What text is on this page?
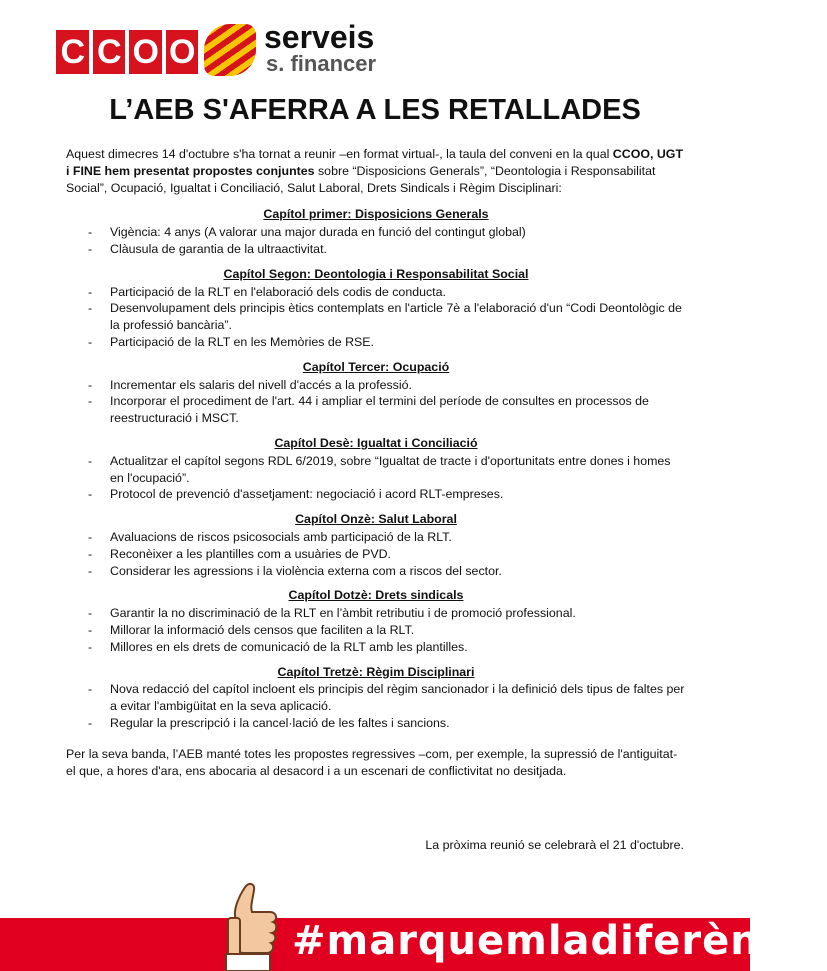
C C O O serveis
s. financer
L’AEB S'AFERRA A LES RETALLADES

Aquest dimecres 14 d'octubre s'ha tornat a reunir –en format virtual-, la taula del conveni en la qual CCOO, UGT i FINE hem presentat propostes conjuntes sobre “Disposicions Generals”, “Deontologia i Responsabilitat Social”, Ocupació, Igualtat i Conciliació, Salut Laboral, Drets Sindicals i Règim Disciplinari:

Capítol primer: Disposicions Generals
- Vigència: 4 anys (A valorar una major durada en funció del contingut global)
- Clàusula de garantia de la ultraactivitat.
Capítol Segon: Deontologia i Responsabilitat Social
- Participació de la RLT en l'elaboració dels codis de conducta.
- Desenvolupament dels principis ètics contemplats en l'article 7è a l'elaboració d'un “Codi Deontològic de la professió bancària”.
- Participació de la RLT en les Memòries de RSE.
Capítol Tercer: Ocupació
- Incrementar els salaris del nivell d'accés a la professió.
- Incorporar el procediment de l'art. 44 i ampliar el termini del període de consultes en processos de reestructuració i MSCT.
Capítol Desè: Igualtat i Conciliació
- Actualitzar el capítol segons RDL 6/2019, sobre “Igualtat de tracte i d'oportunitats entre dones i homes en l'ocupació”.
- Protocol de prevenció d'assetjament: negociació i acord RLT-empreses.
Capítol Onzè: Salut Laboral
- Avaluacions de riscos psicosocials amb participació de la RLT.
- Reconèixer a les plantilles com a usuàries de PVD.
- Considerar les agressions i la violència externa com a riscos del sector.
Capítol Dotzè: Drets sindicals
- Garantir la no discriminació de la RLT en l’àmbit retributiu i de promoció professional.
- Millorar la informació dels censos que faciliten a la RLT.
- Millores en els drets de comunicació de la RLT amb les plantilles.
Capítol Tretzè: Règim Disciplinari
- Nova redacció del capítol incloent els principis del règim sancionador i la definició dels tipus de faltes per a evitar l'ambigüitat en la seva aplicació.
- Regular la prescripció i la cancel·lació de les faltes i sancions.

Per la seva banda, l’AEB manté totes les propostes regressives –com, per exemple, la supressió de l'antiguitat- el que, a hores d'ara, ens abocaria al desacord i a un escenari de conflictivitat no desitjada.

La pròxima reunió se celebrarà el 21 d'octubre.
#marquemladiferència
